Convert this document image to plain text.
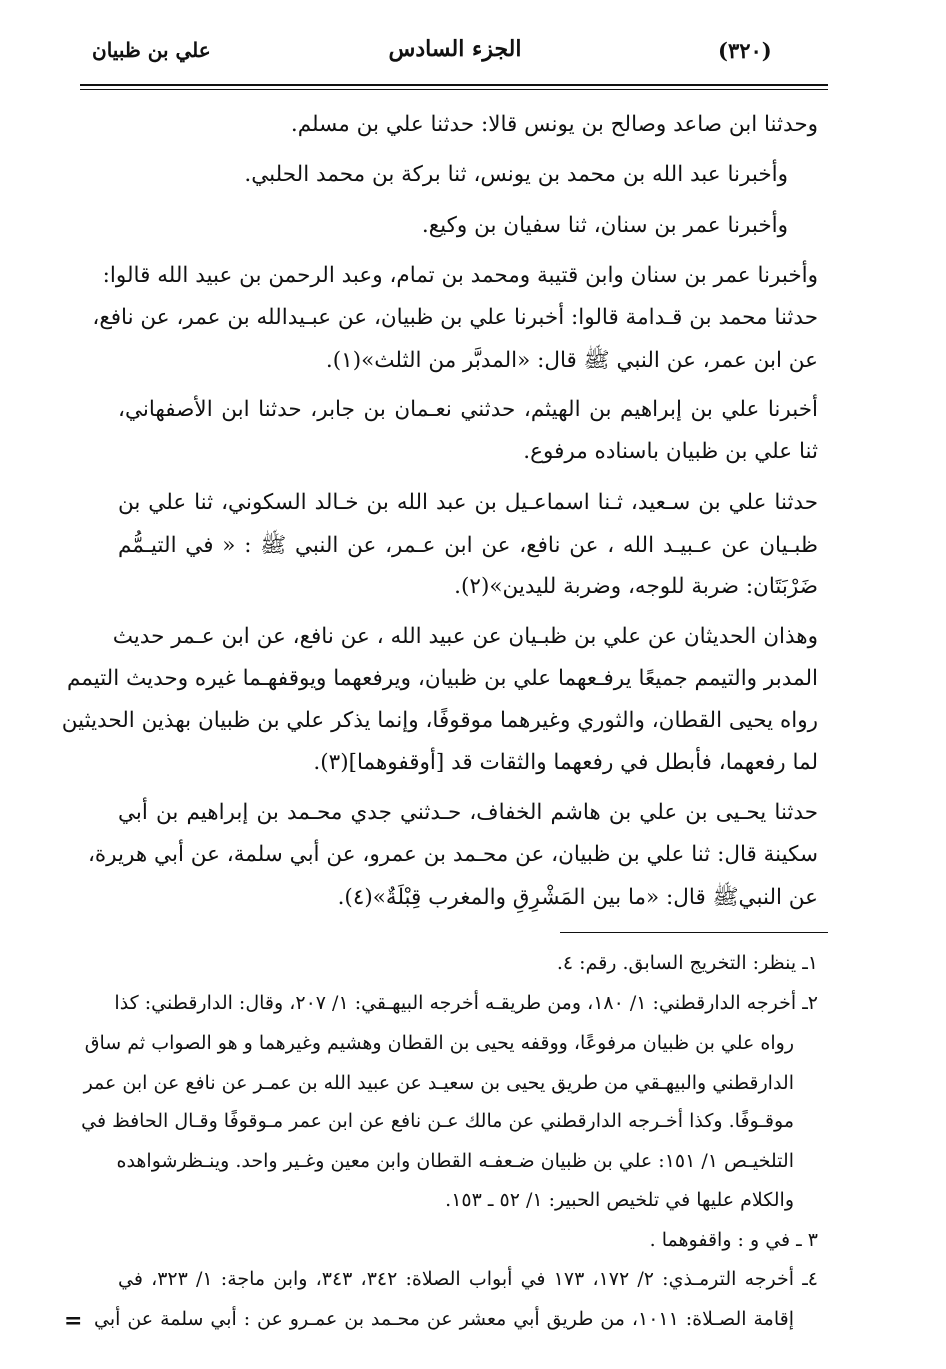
(٣٢٠)
الجزء السادس
علي بن ظبيان
وحدثنا ابن صاعد وصالح بن يونس قالا: حدثنا علي بن مسلم.
وأخبرنا عبد الله بن محمد بن يونس، ثنا بركة بن محمد الحلبي.
وأخبرنا عمر بن سنان، ثنا سفيان بن وكيع.
وأخبرنا عمر بن سنان وابن قتيبة ومحمد بن تمام، وعبد الرحمن بن عبيد الله قالوا:
حدثنا محمد بن قـدامة قالوا: أخبرنا علي بن ظبيان، عن عبـيدالله بن عمر، عن نافع،
عن ابن عمر، عن النبي ﷺ قال: «المدبَّر من الثلث»(١).
أخبرنا علي بن إبراهيم بن الهيثم، حدثني نعـمان بن جابر، حدثنا ابن الأصفهاني،
ثنا علي بن ظبيان باسناده مرفوع.
حدثنا علي بن سـعيد، ثـنا اسماعـيل بن عبد الله بن خـالد السكوني، ثنا علي بن
ظبـيان عن عـبيـد الله ، عن نافع، عن ابن عـمر، عن النبي ﷺ : « في التيـمُّم
ضَرْبَتَان: ضربة للوجه، وضربة لليدين»(٢).
وهذان الحديثان عن علي بن ظبـيان عن عبيد الله ، عن نافع، عن ابن عـمر حديث
المدبر والتيمم جميعًا يرفـعهما علي بن ظبيان، ويرفعهما ويوقفهـما غيره وحديث التيمم
رواه يحيى القطان، والثوري وغيرهما موقوفًا، وإنما يذكر علي بن ظبيان بهذين الحديثين
لما رفعهما، فأبطل في رفعهما والثقات قد [أوقفوهما](٣).
حدثنا يحـيى بن علي بن هاشم الخفاف، حـدثني جدي محـمد بن إبراهيم بن أبي
سكينة قال: ثنا علي بن ظبيان، عن محـمد بن عمرو، عن أبي سلمة، عن أبي هريرة،
عن النبيﷺ قال: «ما بين المَشْرِقِ والمغرب قِبْلَةٌ»(٤).
١ـ ينظر: التخريج السابق. رقم: ٤.
٢ـ أخرجه الدارقطني: ١/ ١٨٠، ومن طريقـه أخرجه البيهـقي: ١/ ٢٠٧، وقال: الدارقطني: كذا
رواه علي بن ظبيان مرفوعًا، ووقفه يحيى بن القطان وهشيم وغيرهما و هو الصواب ثم ساق
الدارقطني والبيهـقي من طريق يحيى بن سعيـد عن عبيد الله بن عمـر عن نافع عن ابن عمر
موقـوفًا. وكذا أخـرجه الدارقطني عن مالك عـن نافع عن ابن عمر مـوقوفًا وقـال الحافظ في
التلخيـص ١/ ١٥١: علي بن ظبيان ضـعفـه القطان وابن معين وغـير واحد. وينـظرشواهده
والكلام عليها في تلخيص الحبير: ١/ ٥٢ ـ ١٥٣.
٣ ـ في و : واقفوهما .
٤ـ أخرجه الترمـذي: ٢/ ١٧٢، ١٧٣ في أبواب الصلاة: ٣٤٢، ٣٤٣، وابن ماجة: ١/ ٣٢٣، في
إقامة الصـلاة: ١٠١١، من طريق أبي معشر عن محـمد بن عمـرو عن : أبي سلمة عن أبي
=
